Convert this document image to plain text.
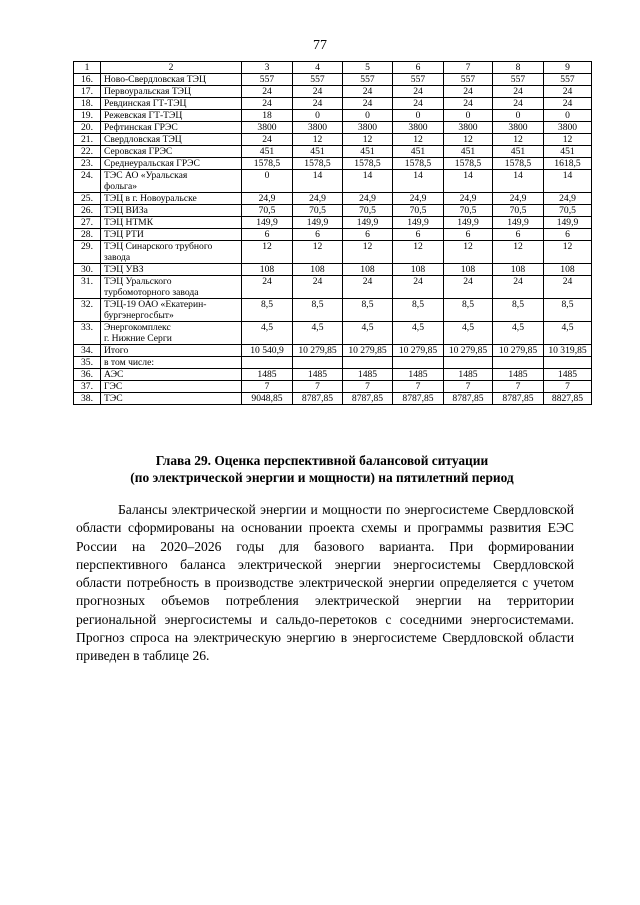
77
1	2	3	4	5	6	7	8	9
16.	Ново-Свердловская ТЭЦ	557	557	557	557	557	557	557
17.	Первоуральская ТЭЦ	24	24	24	24	24	24	24
18.	Ревдинская ГТ-ТЭЦ	24	24	24	24	24	24	24
19.	Режевская ГТ-ТЭЦ	18	0	0	0	0	0	0
20.	Рефтинская ГРЭС	3800	3800	3800	3800	3800	3800	3800
21.	Свердловская ТЭЦ	24	12	12	12	12	12	12
22.	Серовская ГРЭС	451	451	451	451	451	451	451
23.	Среднеуральская ГРЭС	1578,5	1578,5	1578,5	1578,5	1578,5	1578,5	1618,5
24.	ТЭС АО «Уральская
фольга»	0	14	14	14	14	14	14
25.	ТЭЦ в г. Новоуральске	24,9	24,9	24,9	24,9	24,9	24,9	24,9
26.	ТЭЦ ВИЗа	70,5	70,5	70,5	70,5	70,5	70,5	70,5
27.	ТЭЦ НТМК	149,9	149,9	149,9	149,9	149,9	149,9	149,9
28.	ТЭЦ РТИ	6	6	6	6	6	6	6
29.	ТЭЦ Синарского трубного
завода	12	12	12	12	12	12	12
30.	ТЭЦ УВЗ	108	108	108	108	108	108	108
31.	ТЭЦ Уральского
турбомоторного завода	24	24	24	24	24	24	24
32.	ТЭЦ-19 ОАО «Екатерин-
бургэнергосбыт»	8,5	8,5	8,5	8,5	8,5	8,5	8,5
33.	Энергокомплекс
г. Нижние Серги	4,5	4,5	4,5	4,5	4,5	4,5	4,5
34.	Итого	10 540,9	10 279,85	10 279,85	10 279,85	10 279,85	10 279,85	10 319,85
35.	в том числе:							

36.	АЭС	1485	1485	1485	1485	1485	1485	1485
37.	ГЭС	7	7	7	7	7	7	7
38.	ТЭС	9048,85	8787,85	8787,85	8787,85	8787,85	8787,85	8827,85
Глава 29. Оценка перспективной балансовой ситуации
(по электрической энергии и мощности) на пятилетний период
Балансы электрической энергии и мощности по энергосистеме Свердловской
области сформированы на основании проекта схемы и программы развития ЕЭС
России на 2020–2026 годы для базового варианта. При формировании
перспективного баланса электрической энергии энергосистемы Свердловской
области потребность в производстве электрической энергии определяется с учетом
прогнозных объемов потребления электрической энергии на территории
региональной энергосистемы и сальдо-перетоков с соседними энергосистемами.
Прогноз спроса на электрическую энергию в энергосистеме Свердловской области
приведен в таблице 26.
